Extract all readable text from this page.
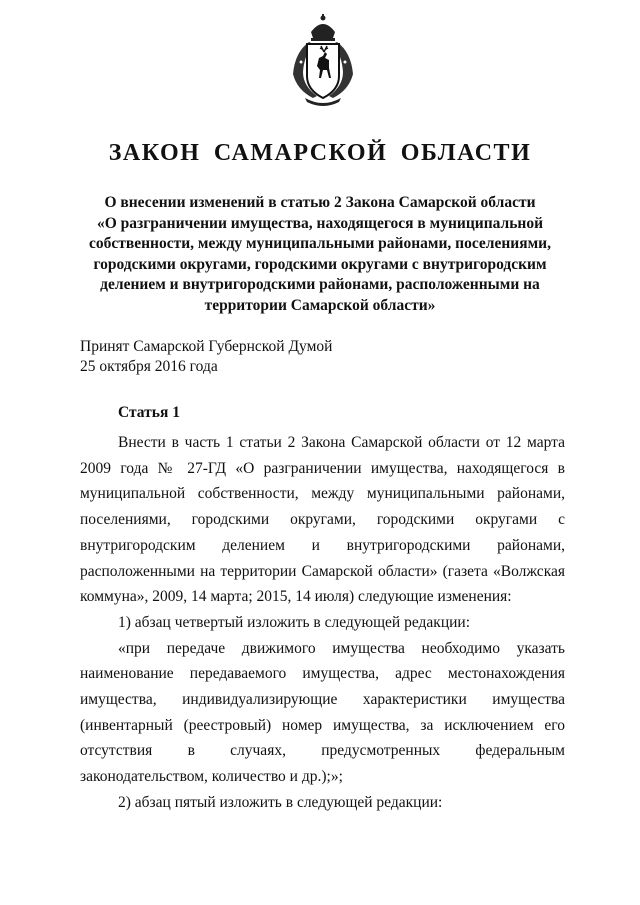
ЗАКОН САМАРСКОЙ ОБЛАСТИ
О внесении изменений в статью 2 Закона Самарской области
«О разграничении имущества, находящегося в муниципальной
собственности, между муниципальными районами, поселениями,
городскими округами, городскими округами с внутригородским
делением и внутригородскими районами, расположенными на
территории Самарской области»
Принят Самарской Губернской Думой
25 октября 2016 года
Статья 1

Внести в часть 1 статьи 2 Закона Самарской области от 12 марта 2009 года № 27-ГД «О разграничении имущества, находящегося в муниципальной собственности, между муниципальными районами, поселениями, городскими округами, городскими округами с внутригородским делением и внутригородскими районами, расположенными на территории Самарской области» (газета «Волжская коммуна», 2009, 14 марта; 2015, 14 июля) следующие изменения:

1) абзац четвертый изложить в следующей редакции:

«при передаче движимого имущества необходимо указать наименование передаваемого имущества, адрес местонахождения имущества, индивидуализирующие характеристики имущества (инвентарный (реестровый) номер имущества, за исключением его отсутствия в случаях, предусмотренных федеральным законодательством, количество и др.);»;

2) абзац пятый изложить в следующей редакции:
